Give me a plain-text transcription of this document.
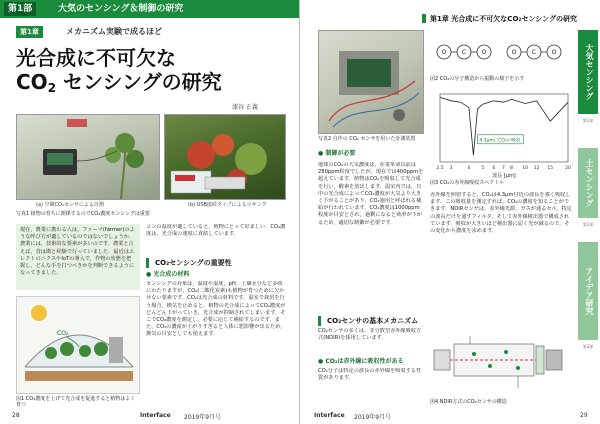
第1部	大気のセンシング＆制御の研究
第1章	メカニズム実験で成るほど
光合成に不可欠な
CO2 センシングの研究
漆谷 正義
(a) 空間CO₂センサによる計測	(b) USB接続タイプによるロギング
写真1 植物の育ちに関係するのでCO₂濃度センシングは重要
現在，農業に携わる人は，ファーマ(farmer)のような呼び方が適しているのではないでしょうか．農業には，技術的な要素が多いのです．農業と言えば，昔は勘と経験で行っていました．最近はエレクトロニクスやIoTの導入で，作物の状態を把握し，どんな手を打つべきかを判断できるようになってきました．
コンの温度が適していると，植物にとって好ましい．CO₂濃度は，光合成の速度に直結しています．
CO₂センシングの重要性
● 光合成の材料
センシングの対象は，温度や湿度，pH，土壌水分など多岐にわたりますが，CO₂(二酸化炭素)も植物が育つために欠かせない要素です．CO₂は光合成の材料です．温室で栽培を行う場合，換気を止めると，植物の光合成によってCO₂濃度がどんどん下がっていき，光合成が抑制されてしまいます．そこでCO₂濃度を測定し，必要に応じて補給するのです．また，CO₂の濃度が上がりすぎると人体に悪影響が出るため，換気の目安としても使えます．
CO₂
図1 CO₂濃度を上げて光合成を促進すると植物はよく育つ
28	Interface 2019年9月号
第1章 光合成に不可欠なCO₂センシングの研究
写真2 自作の CO₂ センサを用いた計測装置
O	C	O	O	C	O
図2 CO₂の分子構造から振動の様子を示す
2.5 3	4 5 6 7 8 10 12 15	20
波長 [μm]
4.3μmにCO₂の吸収
図3 CO₂の赤外線吸収スペクトル
● 制御が必要
地球のCO₂の大気濃度は，産業革命以前は280ppm程度でしたが，現在では400ppmを超えています．植物はCO₂を吸収して光合成を行い，酸素を放出します．温室内では，日中の光合成によってCO₂濃度が大気より大きく下がることがあり，CO₂施用と呼ばれる補給が行われています．CO₂濃度は1000ppm程度が目安とされ，過剰になると効率が下がるため，適切な制御が必要です．
CO₂センサの基本メカニズム
CO₂センサの多くは，非分散型赤外線吸収方式(NDIR)を採用しています．
● CO₂は赤外線に吸収性がある
CO₂分子は特定の波長の赤外線を吸収する性質があります．
赤外線を照射すると，CO₂は4.3μm付近の波長を強く吸収します．この吸収量を測定すれば，CO₂の濃度を知ることができます．NDIRセンサは，赤外線光源，ガスが通るセル，特定の波長だけを通すフィルタ，そして赤外線検出器で構成されています．吸収が大きいほど検出器に届く光が減るので，その変化から濃度を求めます．
図4 NDIR方式のCO₂センサの構造
大気センシング
土センシング
アイデア研究
第1部
第2部
第3部
Interface 2019年9月号	29
